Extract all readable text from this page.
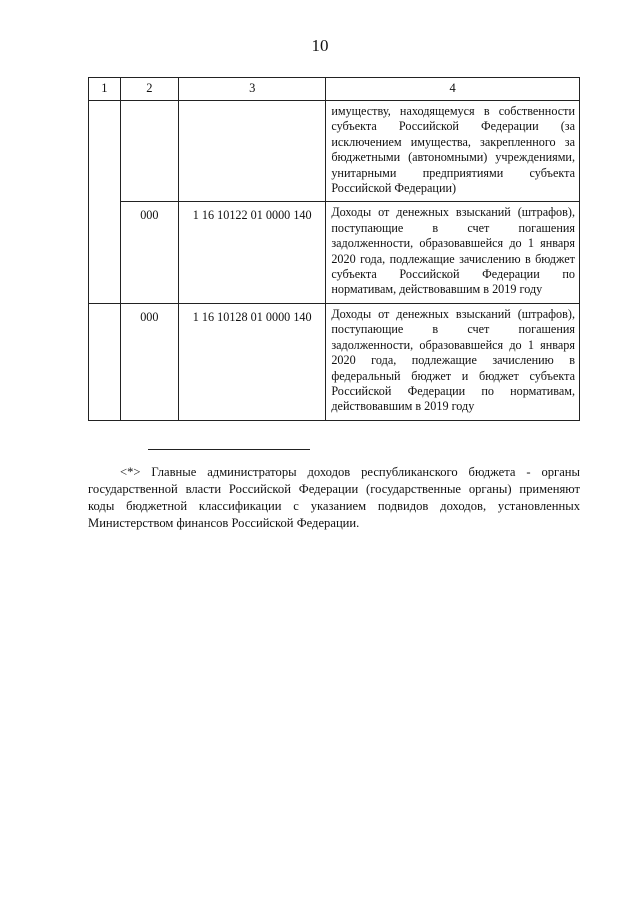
10
1	2	3	4
			имуществу, находящемуся в собственности субъекта Российской Федерации (за исключением имущества, закрепленного за бюджетными (автономными) учреждениями, унитарными предприятиями субъекта Российской Федерации)
	000	1 16 10122 01 0000 140	Доходы от денежных взысканий (штрафов), поступающие в счет погашения задолженности, образовавшейся до 1 января 2020 года, подлежащие зачислению в бюджет субъекта Российской Федерации по нормативам, действовавшим в 2019 году
	000	1 16 10128 01 0000 140	Доходы от денежных взысканий (штрафов), поступающие в счет погашения задолженности, образовавшейся до 1 января 2020 года, подлежащие зачислению в федеральный бюджет и бюджет субъекта Российской Федерации по нормативам, действовавшим в 2019 году

<*> Главные администраторы доходов республиканского бюджета - органы государственной власти Российской Федерации (государственные органы) применяют коды бюджетной классификации с указанием подвидов доходов, установленных Министерством финансов Российской Федерации.
